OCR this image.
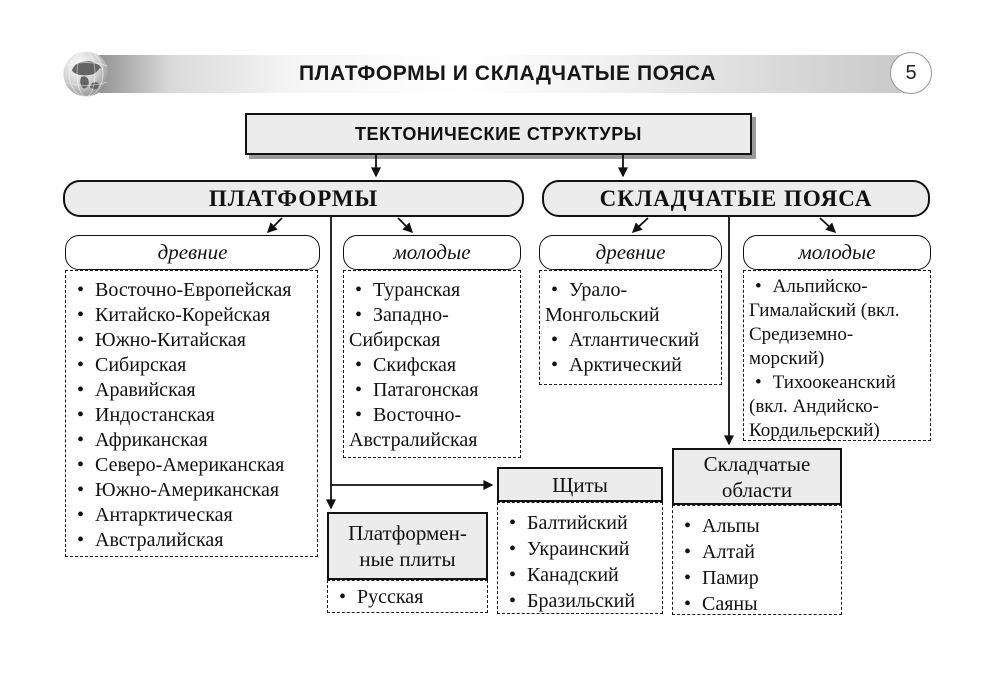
ПЛАТФОРМЫ И СКЛАДЧАТЫЕ ПОЯСА	5
ТЕКТОНИЧЕСКИЕ СТРУКТУРЫ
ПЛАТФОРМЫ	СКЛАДЧАТЫЕ ПОЯСА
древние	молодые	древние	молодые
• Восточно-Европейская
• Китайско-Корейская
• Южно-Китайская
• Сибирская
• Аравийская
• Индостанская
• Африканская
• Северо-Американская
• Южно-Американская
• Антарктическая
• Австралийская
• Туранская
• Западно-Сибирская
• Скифская
• Патагонская
• Восточно-Австралийская
• Урало-Монгольский
• Атлантический
• Арктический
• Альпийско-Гималайский (вкл. Средиземно-морский)
• Тихоокеанский (вкл. Андийско-Кордильерский)
Щиты
• Балтийский
• Украинский
• Канадский
• Бразильский
Платформен-
ные плиты
• Русская
Складчатые области
• Альпы
• Алтай
• Памир
• Саяны
